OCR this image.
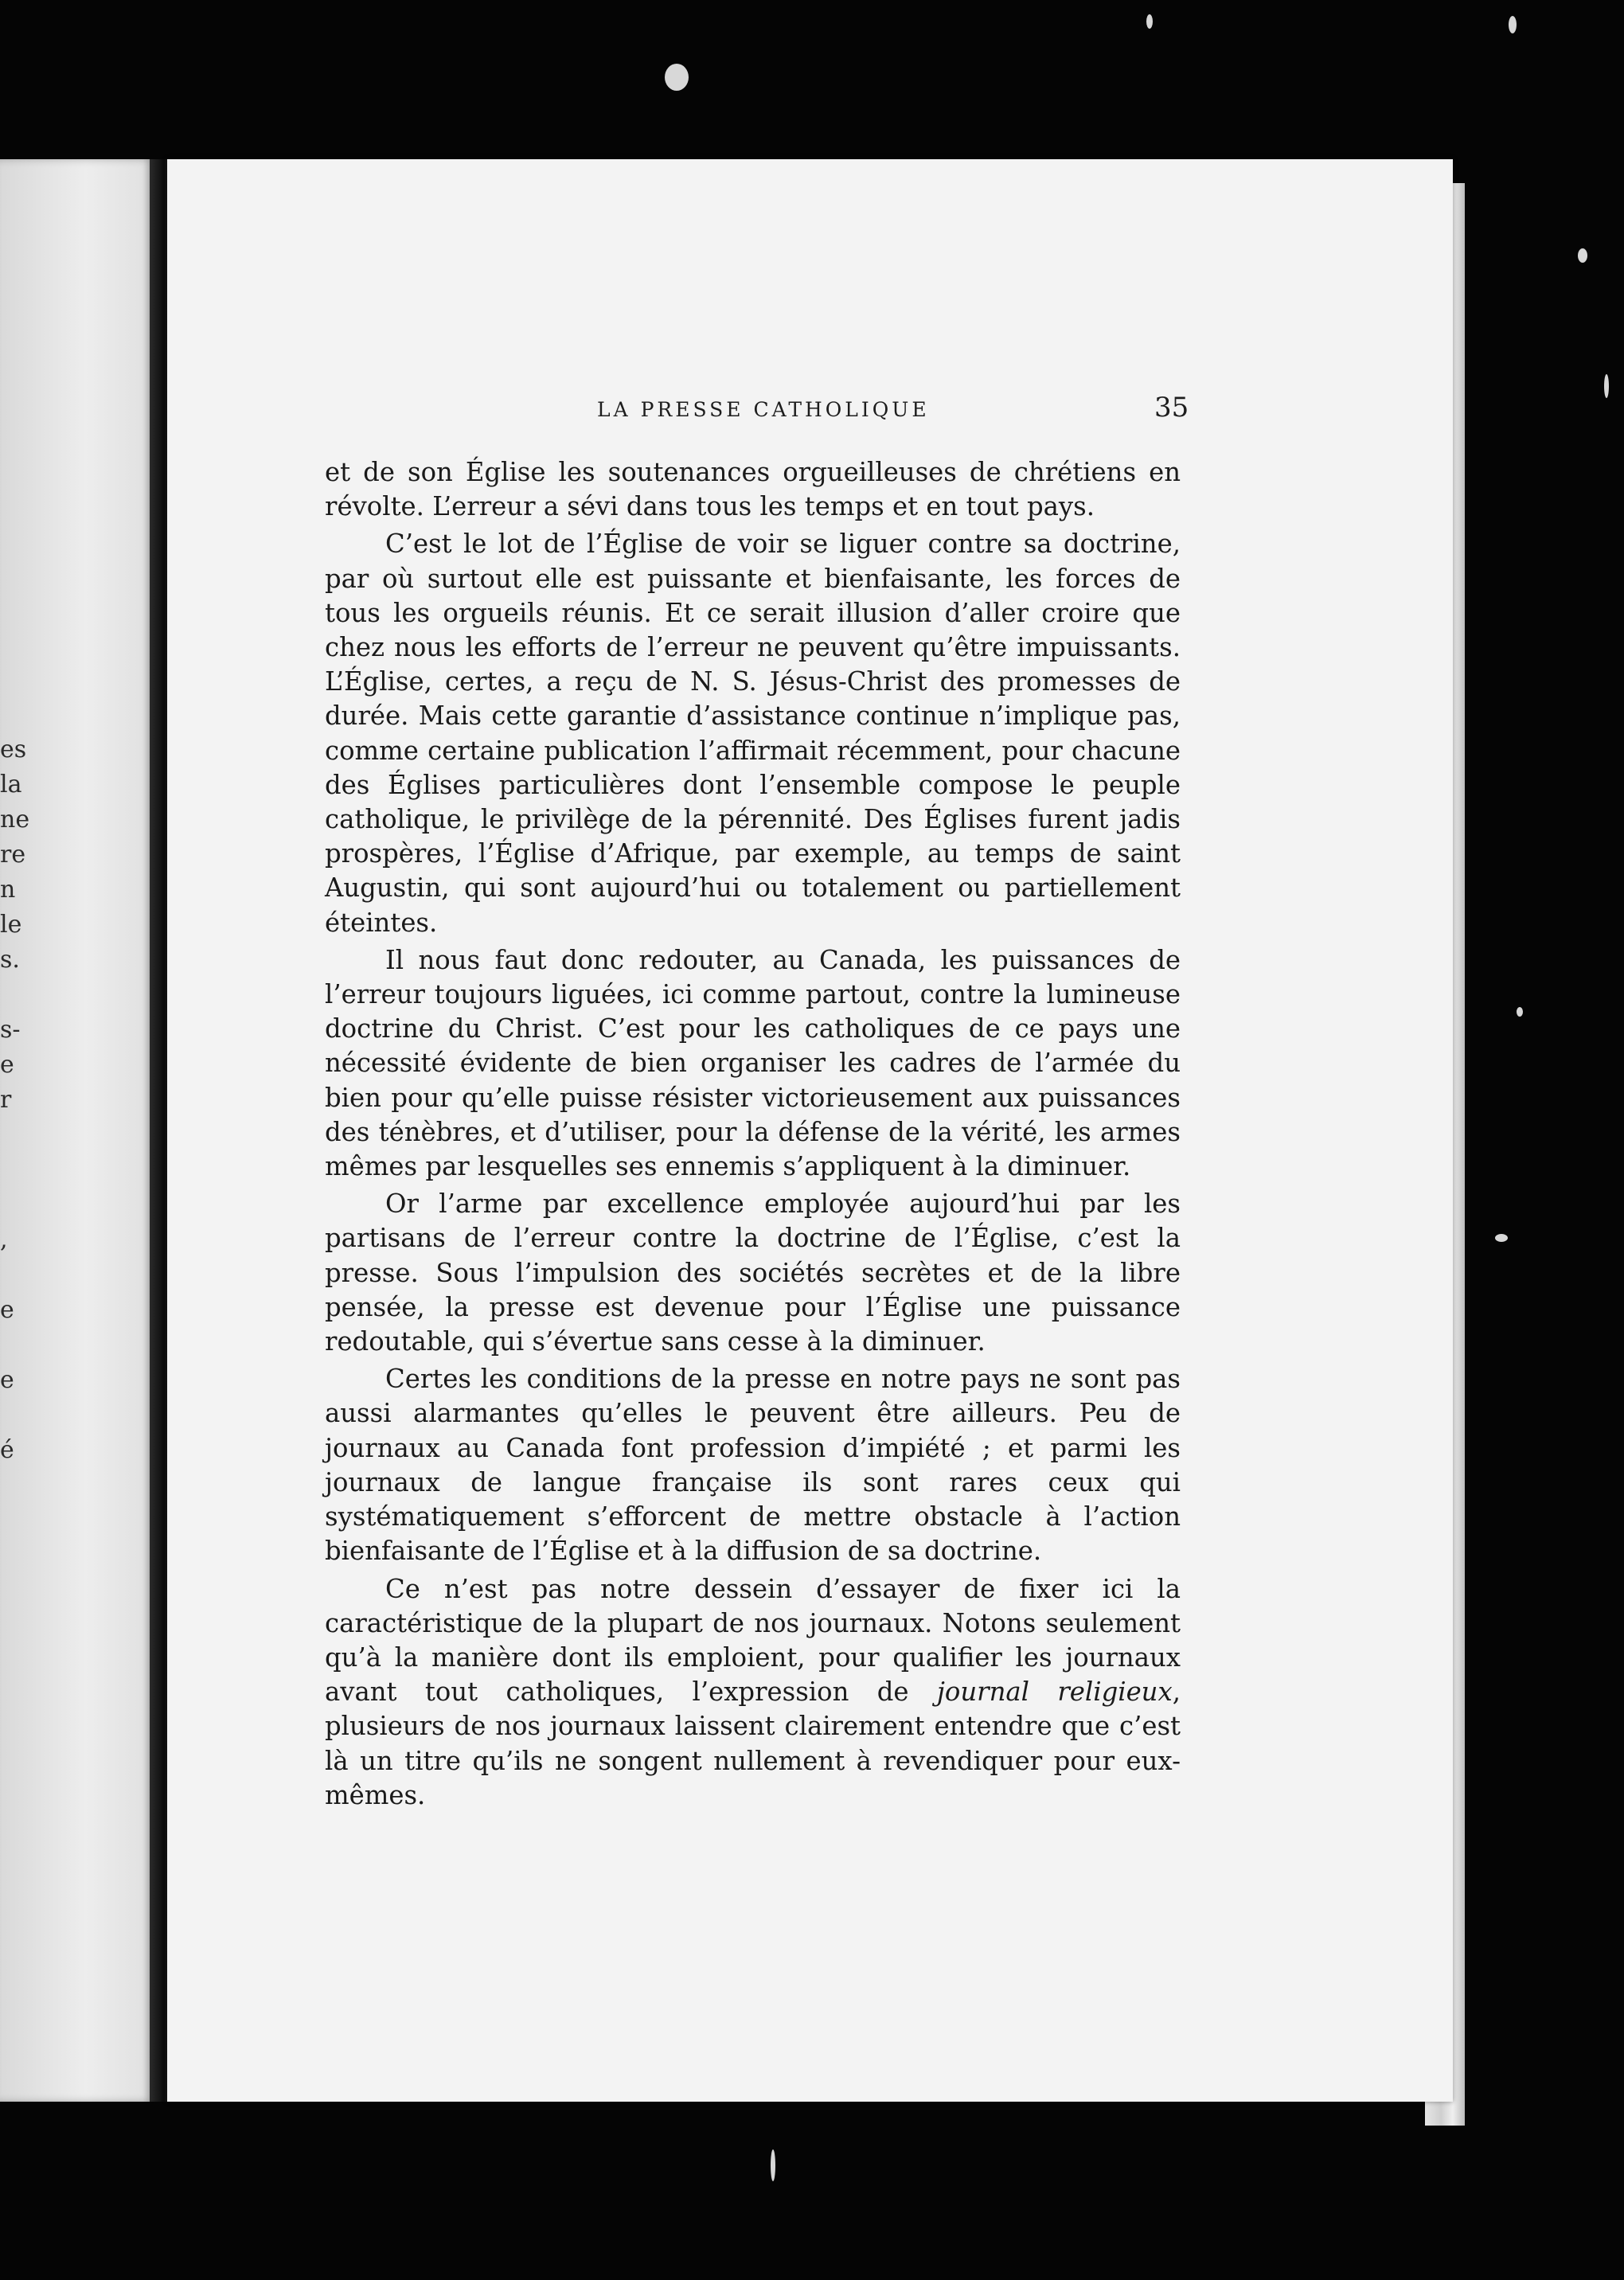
es
la
ne
re
n
le
s.
s-
e
r
,
e
e
é
LA PRESSE CATHOLIQUE	35

et de son Église les soutenances orgueilleuses de chrétiens en révolte. L’erreur a sévi dans tous les temps et en tout pays.

C’est le lot de l’Église de voir se liguer contre sa doctrine, par où surtout elle est puissante et bienfaisante, les forces de tous les orgueils réunis. Et ce serait illusion d’aller croire que chez nous les efforts de l’erreur ne peuvent qu’être impuissants. L’Église, certes, a reçu de N. S. Jésus-Christ des promesses de durée. Mais cette garantie d’assistance continue n’implique pas, comme certaine publication l’affirmait récemment, pour chacune des Églises particulières dont l’ensemble compose le peuple catholique, le privilège de la pérennité. Des Églises furent jadis prospères, l’Église d’Afrique, par exemple, au temps de saint Augustin, qui sont aujourd’hui ou totalement ou partiellement éteintes.

Il nous faut donc redouter, au Canada, les puissances de l’erreur toujours liguées, ici comme partout, contre la lumineuse doctrine du Christ. C’est pour les catholiques de ce pays une nécessité évidente de bien organiser les cadres de l’armée du bien pour qu’elle puisse résister victorieusement aux puissances des ténèbres, et d’utiliser, pour la défense de la vérité, les armes mêmes par lesquelles ses ennemis s’appliquent à la diminuer.

Or l’arme par excellence employée aujourd’hui par les partisans de l’erreur contre la doctrine de l’Église, c’est la presse. Sous l’impulsion des sociétés secrètes et de la libre pensée, la presse est devenue pour l’Église une puissance redoutable, qui s’évertue sans cesse à la diminuer.

Certes les conditions de la presse en notre pays ne sont pas aussi alarmantes qu’elles le peuvent être ailleurs. Peu de journaux au Canada font profession d’impiété ; et parmi les journaux de langue française ils sont rares ceux qui systématiquement s’efforcent de mettre obstacle à l’action bienfaisante de l’Église et à la diffusion de sa doctrine.

Ce n’est pas notre dessein d’essayer de fixer ici la caractéristique de la plupart de nos journaux. Notons seulement qu’à la manière dont ils emploient, pour qualifier les journaux avant tout catholiques, l’expression de journal religieux, plusieurs de nos journaux laissent clairement entendre que c’est là un titre qu’ils ne songent nullement à revendiquer pour eux-mêmes.
